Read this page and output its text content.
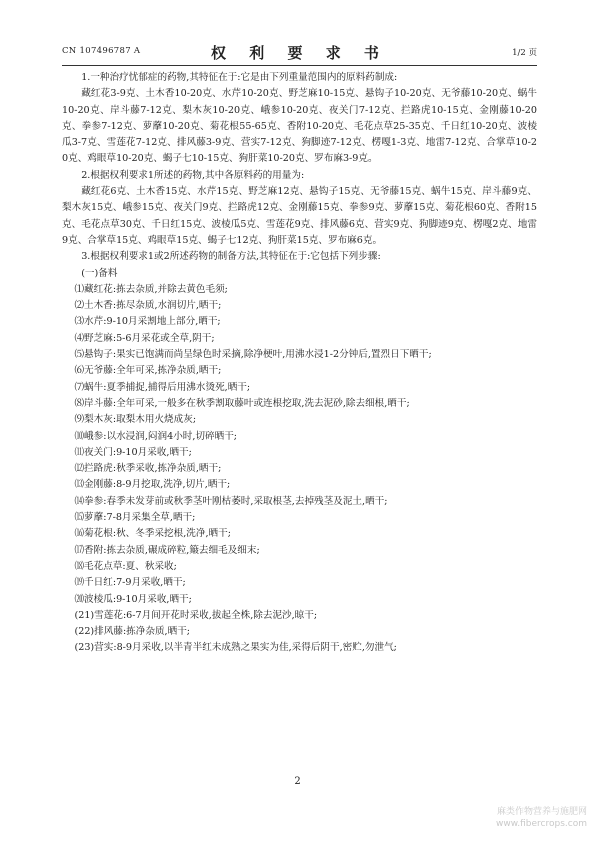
CN 107496787 A	权 利 要 求 书	1/2 页

1.一种治疗忧郁症的药物,其特征在于:它是由下列重量范围内的原料药制成:

藏红花3-9克、土木香10-20克、水芹10-20克、野芝麻10-15克、悬钩子10-20克、无爷藤10-20克、蜗牛10-20克、岸斗藤7-12克、梨木灰10-20克、峨参10-20克、夜关门7-12克、拦路虎10-15克、金刚藤10-20克、拳参7-12克、萝藦10-20克、菊花根55-65克、香附10-20克、毛花点草25-35克、千日红10-20克、波棱瓜3-7克、雪莲花7-12克、排风藤3-9克、营实7-12克、狗脚迹7-12克、楞嘎1-3克、地雷7-12克、合掌草10-20克、鸡眼草10-20克、蝎子七10-15克、狗肝菜10-20克、罗布麻3-9克。

2.根据权利要求1所述的药物,其中各原料药的用量为:

藏红花6克、土木香15克、水芹15克、野芝麻12克、悬钩子15克、无爷藤15克、蜗牛15克、岸斗藤9克、梨木灰15克、峨参15克、夜关门9克、拦路虎12克、金刚藤15克、拳参9克、萝藦15克、菊花根60克、香附15克、毛花点草30克、千日红15克、波棱瓜5克、雪莲花9克、排风藤6克、营实9克、狗脚迹9克、楞嘎2克、地雷9克、合掌草15克、鸡眼草15克、蝎子七12克、狗肝菜15克、罗布麻6克。

3.根据权利要求1或2所述药物的制备方法,其特征在于:它包括下列步骤:

(一)备料

⑴藏红花:拣去杂质,并除去黄色毛须;

⑵土木香:拣尽杂质,水润切片,晒干;

⑶水芹:9-10月采割地上部分,晒干;

⑷野芝麻:5-6月采花或全草,阴干;

⑸悬钩子:果实已饱满而尚呈绿色时采摘,除净梗叶,用沸水浸1-2分钟后,置烈日下晒干;

⑹无爷藤:全年可采,拣净杂质,晒干;

⑺蜗牛:夏季捕捉,捕得后用沸水烫死,晒干;

⑻岸斗藤:全年可采,一般多在秋季割取藤叶或连根挖取,洗去泥砂,除去细根,晒干;

⑼梨木灰:取梨木用火烧成灰;

⑽峨参:以水浸润,闷润4小时,切碎晒干;

⑾夜关门:9-10月采收,晒干;

⑿拦路虎:秋季采收,拣净杂质,晒干;

⒀金刚藤:8-9月挖取,洗净,切片,晒干;

⒁拳参:春季未发芽前或秋季茎叶刚枯萎时,采取根茎,去掉残茎及泥土,晒干;

⒂萝藦:7-8月采集全草,晒干;

⒃菊花根:秋、冬季采挖根,洗净,晒干;

⒄香附:拣去杂质,碾成碎粒,簸去细毛及细末;

⒅毛花点草:夏、秋采收;

⒆千日红:7-9月采收,晒干;

⒇波棱瓜:9-10月采收,晒干;

(21)雪莲花:6-7月间开花时采收,拔起全株,除去泥沙,晾干;

(22)排风藤:拣净杂质,晒干;

(23)营实:8-9月采收,以半青半红未成熟之果实为佳,采得后阴干,密贮,勿泄气;

2
麻类作物营养与施肥网
www.fibercrops.com
